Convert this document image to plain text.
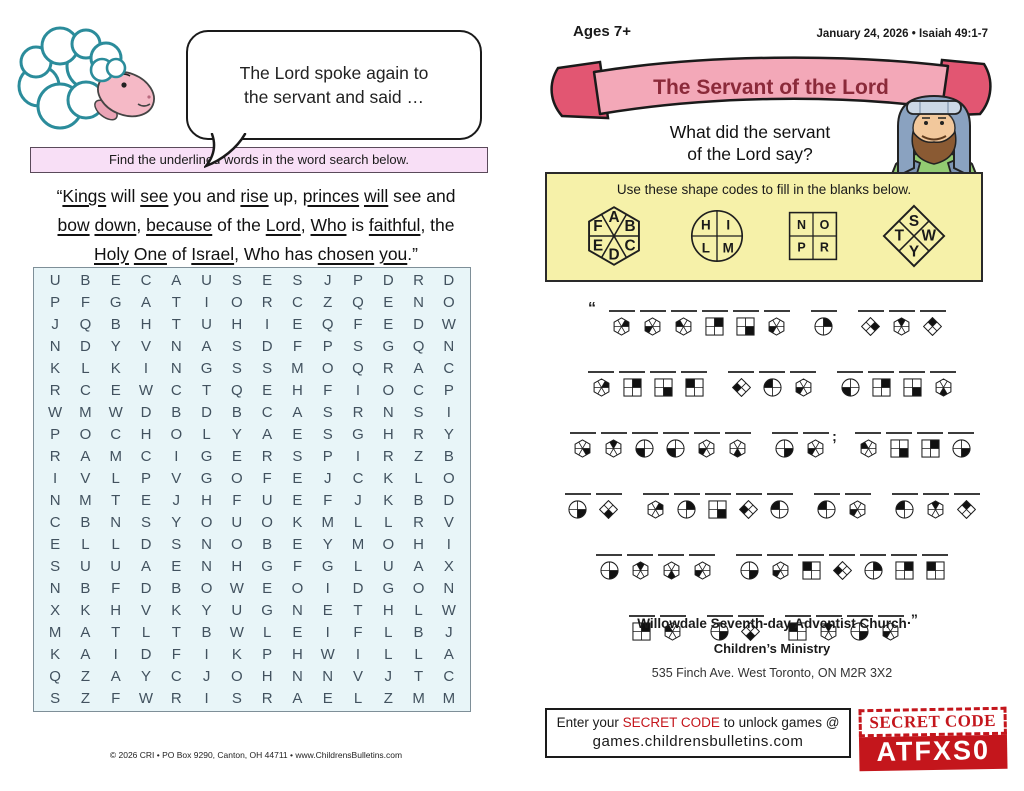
The Lord spoke again to
the servant and said …
Find the underlined words in the word search below.
“Kings will see you and rise up, princes will see and
bow down, because of the Lord, Who is faithful, the
Holy One of Israel, Who has chosen you.”
U	B	E	C	A	U	S	E	S	J	P	D	R	D
P	F	G	A	T	I	O	R	C	Z	Q	E	N	O
J	Q	B	H	T	U	H	I	E	Q	F	E	D	W
N	D	Y	V	N	A	S	D	F	P	S	G	Q	N
K	L	K	I	N	G	S	S	M	O	Q	R	A	C
R	C	E	W	C	T	Q	E	H	F	I	O	C	P
W	M	W	D	B	D	B	C	A	S	R	N	S	I
P	O	C	H	O	L	Y	A	E	S	G	H	R	Y
R	A	M	C	I	G	E	R	S	P	I	R	Z	B
I	V	L	P	V	G	O	F	E	J	C	K	L	O
N	M	T	E	J	H	F	U	E	F	J	K	B	D
C	B	N	S	Y	O	U	O	K	M	L	L	R	V
E	L	L	D	S	N	O	B	E	Y	M	O	H	I
S	U	U	A	E	N	H	G	F	G	L	U	A	X
N	B	F	D	B	O	W	E	O	I	D	G	O	N
X	K	H	V	K	Y	U	G	N	E	T	H	L	W
M	A	T	L	T	B	W	L	E	I	F	L	B	J
K	A	I	D	F	I	K	P	H	W	I	L	L	A
Q	Z	A	Y	C	J	O	H	N	N	V	J	T	C
S	Z	F	W	R	I	S	R	A	E	L	Z	M	M
© 2026 CRI • PO Box 9290, Canton, OH 44711 • www.ChildrensBulletins.com
Ages 7+	January 24, 2026 • Isaiah 49:1-7
The Servant of the Lord
What did the servant
of the Lord say?
Use these shape codes to fill in the blanks below.
A
B
C
D
E
F	H I
L M
N O
P R
S
W
Y
T
“
;
.”
Willowdale Seventh-day Adventist Church
Children’s Ministry
535 Finch Ave. West Toronto, ON M2R 3X2
Enter your SECRET CODE to unlock games @
games.childrensbulletins.com
SECRET CODE
ATFXS0
